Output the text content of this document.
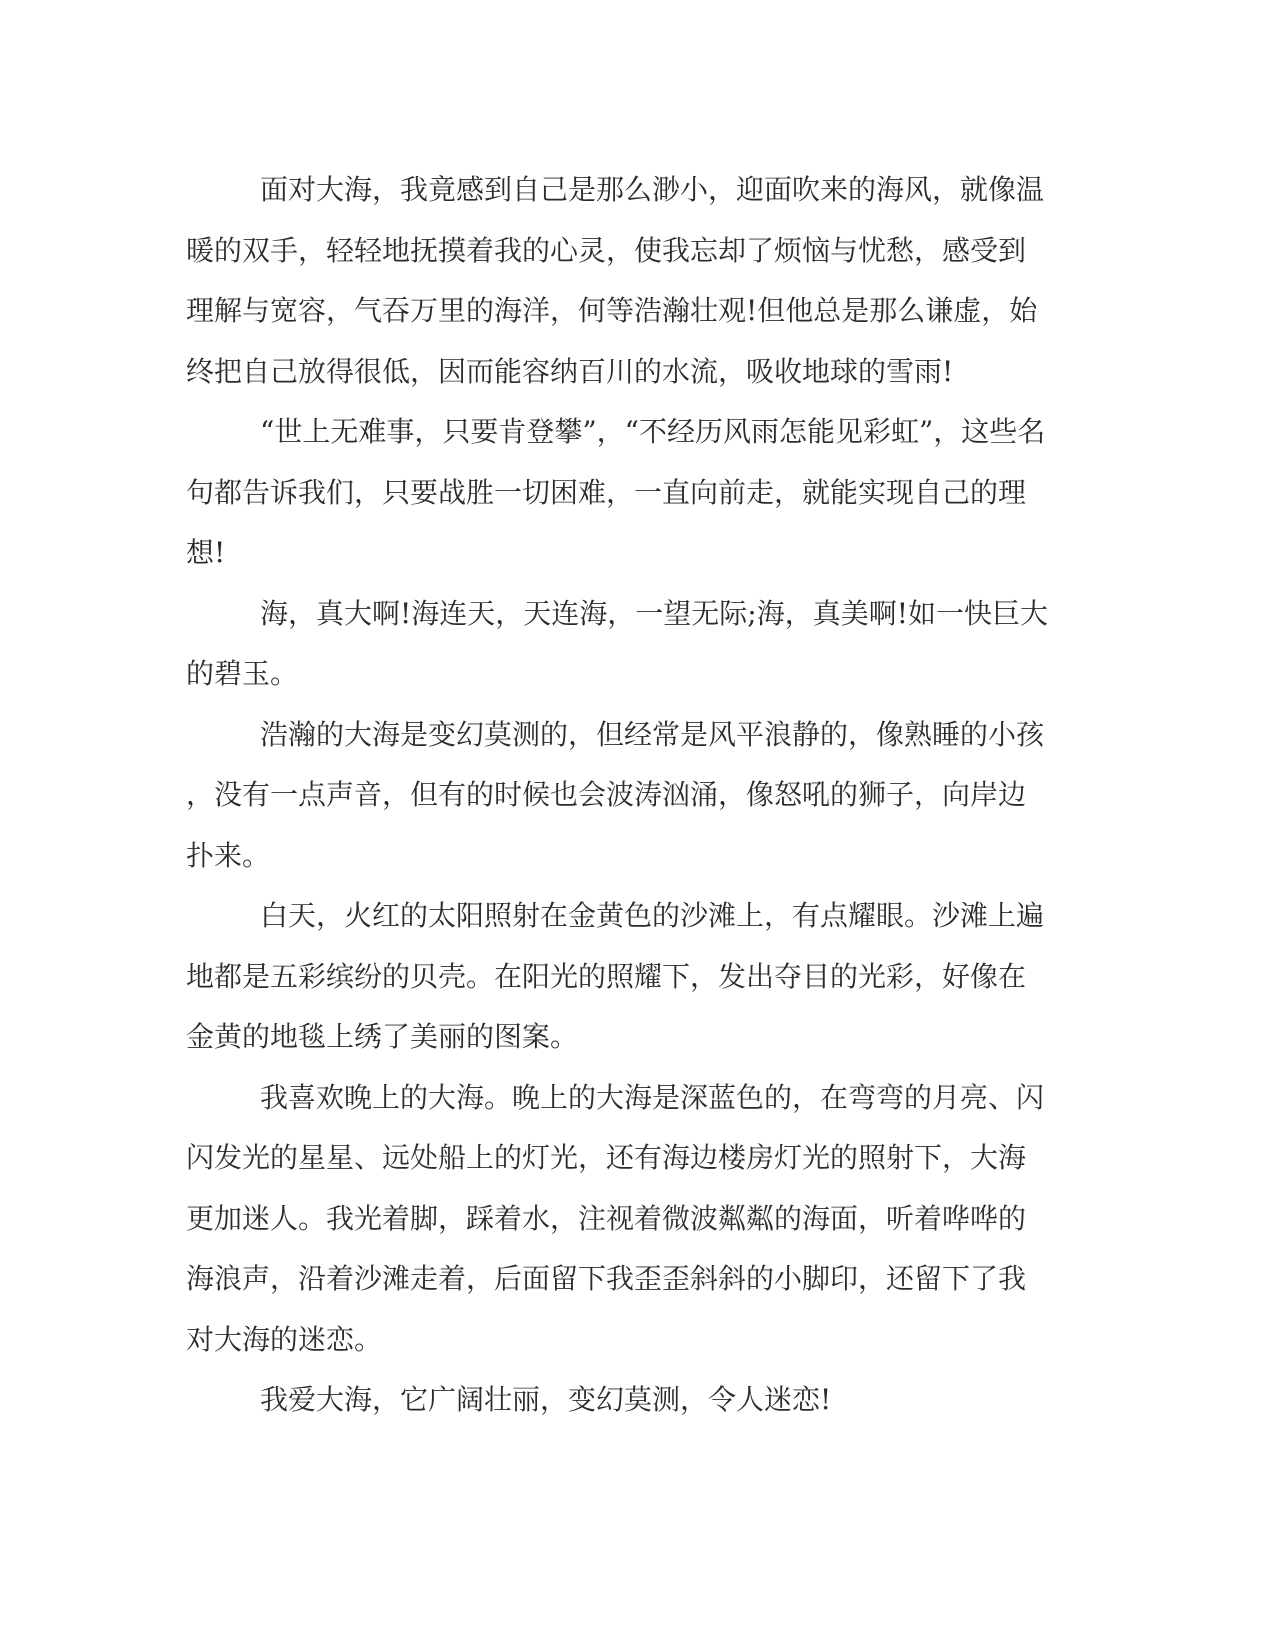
面对大海，我竟感到自己是那么渺小，迎面吹来的海风，就像温
暖的双手，轻轻地抚摸着我的心灵，使我忘却了烦恼与忧愁，感受到
理解与宽容，气吞万里的海洋，何等浩瀚壮观!但他总是那么谦虚，始
终把自己放得很低，因而能容纳百川的水流，吸收地球的雪雨!

“世上无难事，只要肯登攀”，“不经历风雨怎能见彩虹”，这些名
句都告诉我们，只要战胜一切困难，一直向前走，就能实现自己的理
想!

海，真大啊!海连天，天连海，一望无际;海，真美啊!如一快巨大
的碧玉。

浩瀚的大海是变幻莫测的，但经常是风平浪静的，像熟睡的小孩
，没有一点声音，但有的时候也会波涛汹涌，像怒吼的狮子，向岸边
扑来。

白天，火红的太阳照射在金黄色的沙滩上，有点耀眼。沙滩上遍
地都是五彩缤纷的贝壳。在阳光的照耀下，发出夺目的光彩，好像在
金黄的地毯上绣了美丽的图案。

我喜欢晚上的大海。晚上的大海是深蓝色的，在弯弯的月亮、闪
闪发光的星星、远处船上的灯光，还有海边楼房灯光的照射下，大海
更加迷人。我光着脚，踩着水，注视着微波粼粼的海面，听着哗哗的
海浪声，沿着沙滩走着，后面留下我歪歪斜斜的小脚印，还留下了我
对大海的迷恋。

我爱大海，它广阔壮丽，变幻莫测，令人迷恋!
